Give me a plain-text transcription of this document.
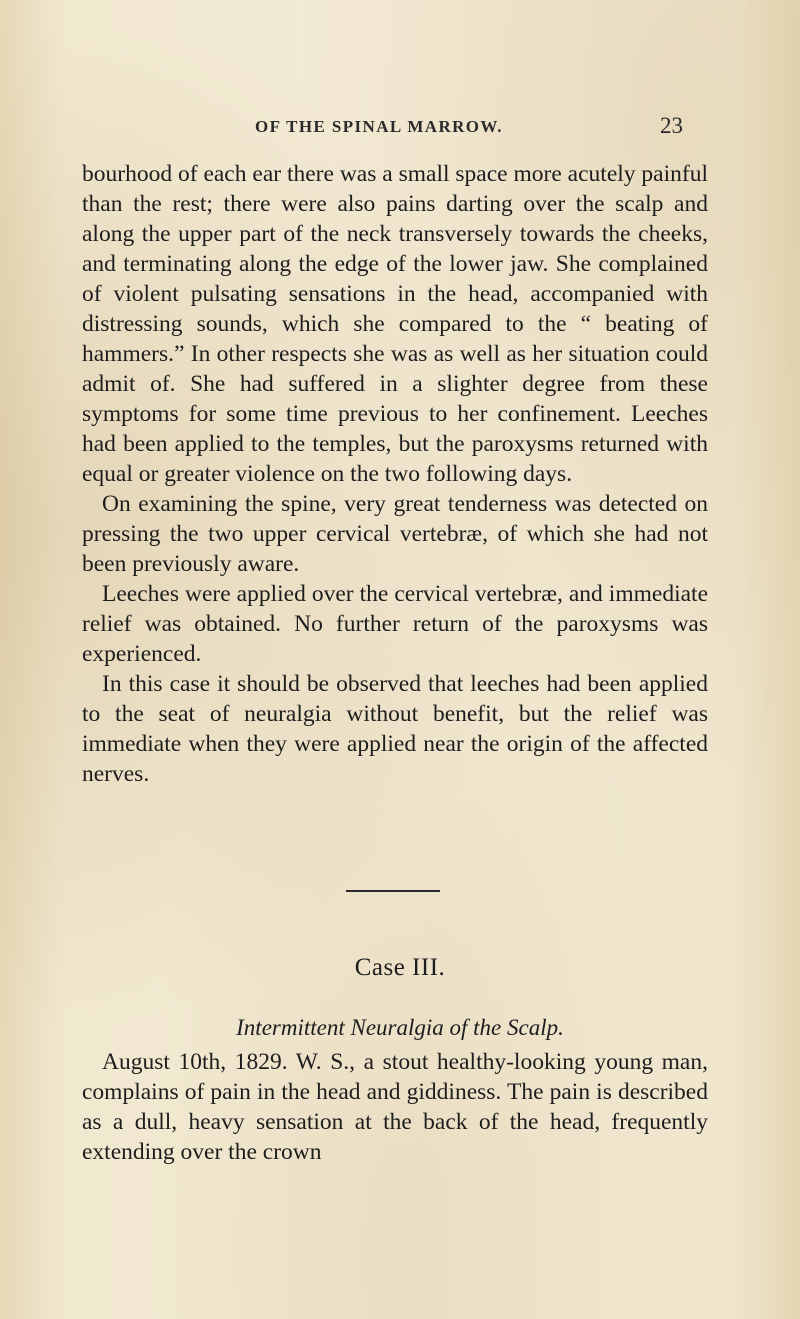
OF THE SPINAL MARROW.	23

bourhood of each ear there was a small space more acutely painful than the rest; there were also pains darting over the scalp and along the upper part of the neck transversely towards the cheeks, and terminating along the edge of the lower jaw. She complained of violent pulsating sensations in the head, accompanied with distressing sounds, which she compared to the “ beating of hammers.” In other respects she was as well as her situation could admit of. She had suffered in a slighter degree from these symptoms for some time previous to her confinement. Leeches had been applied to the temples, but the paroxysms returned with equal or greater violence on the two following days.

On examining the spine, very great tenderness was detected on pressing the two upper cervical vertebræ, of which she had not been previously aware.

Leeches were applied over the cervical vertebræ, and immediate relief was obtained. No further return of the paroxysms was experienced.

In this case it should be observed that leeches had been applied to the seat of neuralgia without benefit, but the relief was immediate when they were applied near the origin of the affected nerves.

Case III.
Intermittent Neuralgia of the Scalp.

August 10th, 1829. W. S., a stout healthy-looking young man, complains of pain in the head and giddiness. The pain is described as a dull, heavy sensation at the back of the head, frequently extending over the crown
